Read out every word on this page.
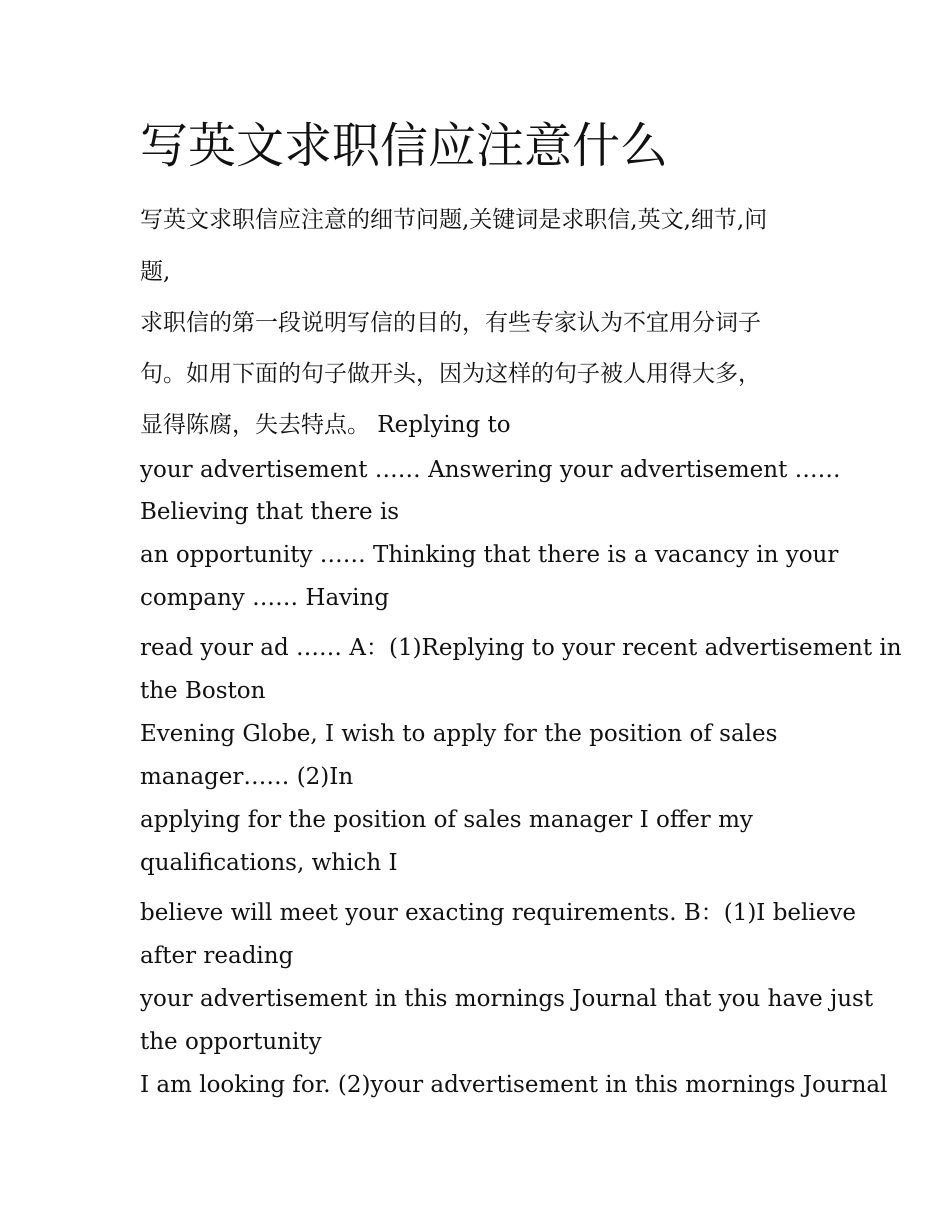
写英文求职信应注意什么
写英文求职信应注意的细节问题,关键词是求职信,英文,细节,问
题,
求职信的第一段说明写信的目的，有些专家认为不宜用分词子
句。如用下面的句子做开头，因为这样的句子被人用得大多，
显得陈腐，失去特点。 Replying to
your advertisement …… Answering your advertisement ……
Believing that there is
an opportunity …… Thinking that there is a vacancy in your
company …… Having
read your ad …… A：(1)Replying to your recent advertisement in
the Boston
Evening Globe, I wish to apply for the position of sales
manager…… (2)In
applying for the position of sales manager I offer my
qualifications, which I
believe will meet your exacting requirements. B：(1)I believe
after reading
your advertisement in this mornings Journal that you have just
the opportunity
I am looking for. (2)your advertisement in this mornings Journal
